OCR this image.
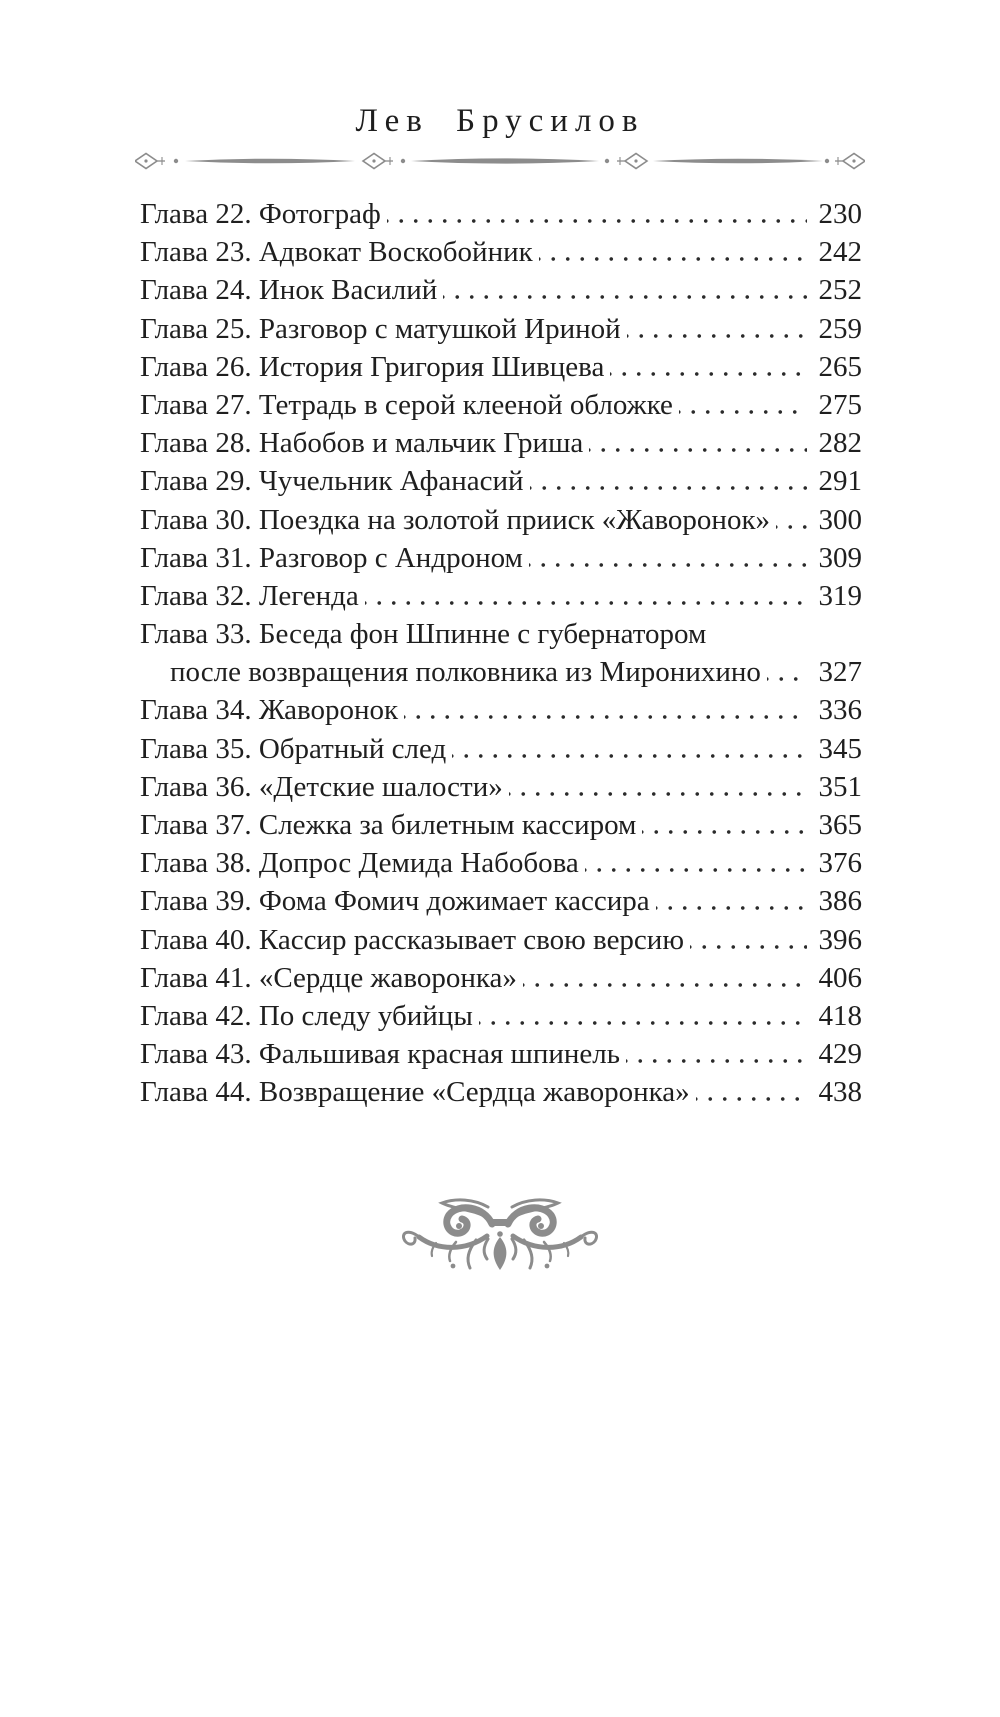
Лев Брусилов
Глава 22. Фотограф	230
Глава 23. Адвокат Воскобойник	242
Глава 24. Инок Василий	252
Глава 25. Разговор с матушкой Ириной	259
Глава 26. История Григория Шивцева	265
Глава 27. Тетрадь в серой клееной обложке	275
Глава 28. Набобов и мальчик Гриша	282
Глава 29. Чучельник Афанасий	291
Глава 30. Поездка на золотой прииск «Жаворонок» 300
Глава 31. Разговор с Андроном	309
Глава 32. Легенда	319
Глава 33. Беседа фон Шпинне с губернатором
после возвращения полковника из Миронихино 327
Глава 34. Жаворонок	336
Глава 35. Обратный след	345
Глава 36. «Детские шалости»	351
Глава 37. Слежка за билетным кассиром	365
Глава 38. Допрос Демида Набобова	376
Глава 39. Фома Фомич дожимает кассира	386
Глава 40. Кассир рассказывает свою версию	396
Глава 41. «Сердце жаворонка»	406
Глава 42. По следу убийцы	418
Глава 43. Фальшивая красная шпинель	429
Глава 44. Возвращение «Сердца жаворонка»	438
